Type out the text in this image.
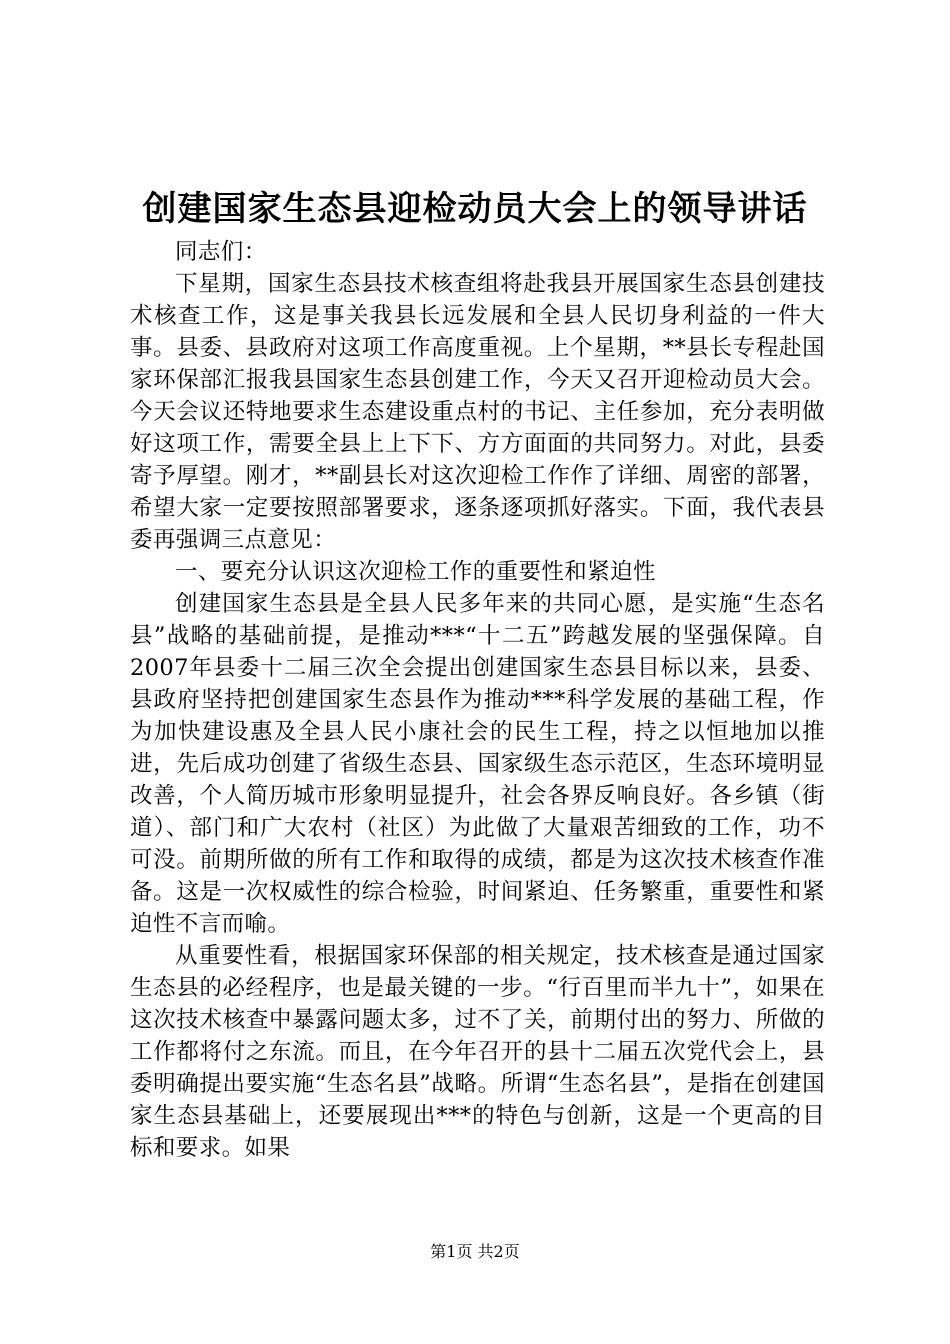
创建国家生态县迎检动员大会上的领导讲话

同志们：

下星期，国家生态县技术核查组将赴我县开展国家生态县创建技术核查工作，这是事关我县长远发展和全县人民切身利益的一件大事。县委、县政府对这项工作高度重视。上个星期，**县长专程赴国家环保部汇报我县国家生态县创建工作，今天又召开迎检动员大会。今天会议还特地要求生态建设重点村的书记、主任参加，充分表明做好这项工作，需要全县上上下下、方方面面的共同努力。对此，县委寄予厚望。刚才，**副县长对这次迎检工作作了详细、周密的部署，希望大家一定要按照部署要求，逐条逐项抓好落实。下面，我代表县委再强调三点意见：

一、要充分认识这次迎检工作的重要性和紧迫性

创建国家生态县是全县人民多年来的共同心愿，是实施“生态名县”战略的基础前提，是推动***“十二五”跨越发展的坚强保障。自2007年县委十二届三次全会提出创建国家生态县目标以来，县委、县政府坚持把创建国家生态县作为推动***科学发展的基础工程，作为加快建设惠及全县人民小康社会的民生工程，持之以恒地加以推进，先后成功创建了省级生态县、国家级生态示范区，生态环境明显改善，个人简历城市形象明显提升，社会各界反响良好。各乡镇（街道）、部门和广大农村（社区）为此做了大量艰苦细致的工作，功不可没。前期所做的所有工作和取得的成绩，都是为这次技术核查作准备。这是一次权威性的综合检验，时间紧迫、任务繁重，重要性和紧迫性不言而喻。

从重要性看，根据国家环保部的相关规定，技术核查是通过国家生态县的必经程序，也是最关键的一步。“行百里而半九十”，如果在这次技术核查中暴露问题太多，过不了关，前期付出的努力、所做的工作都将付之东流。而且，在今年召开的县十二届五次党代会上，县委明确提出要实施“生态名县”战略。所谓“生态名县”，是指在创建国家生态县基础上，还要展现出***的特色与创新，这是一个更高的目标和要求。如果

第1页 共2页
